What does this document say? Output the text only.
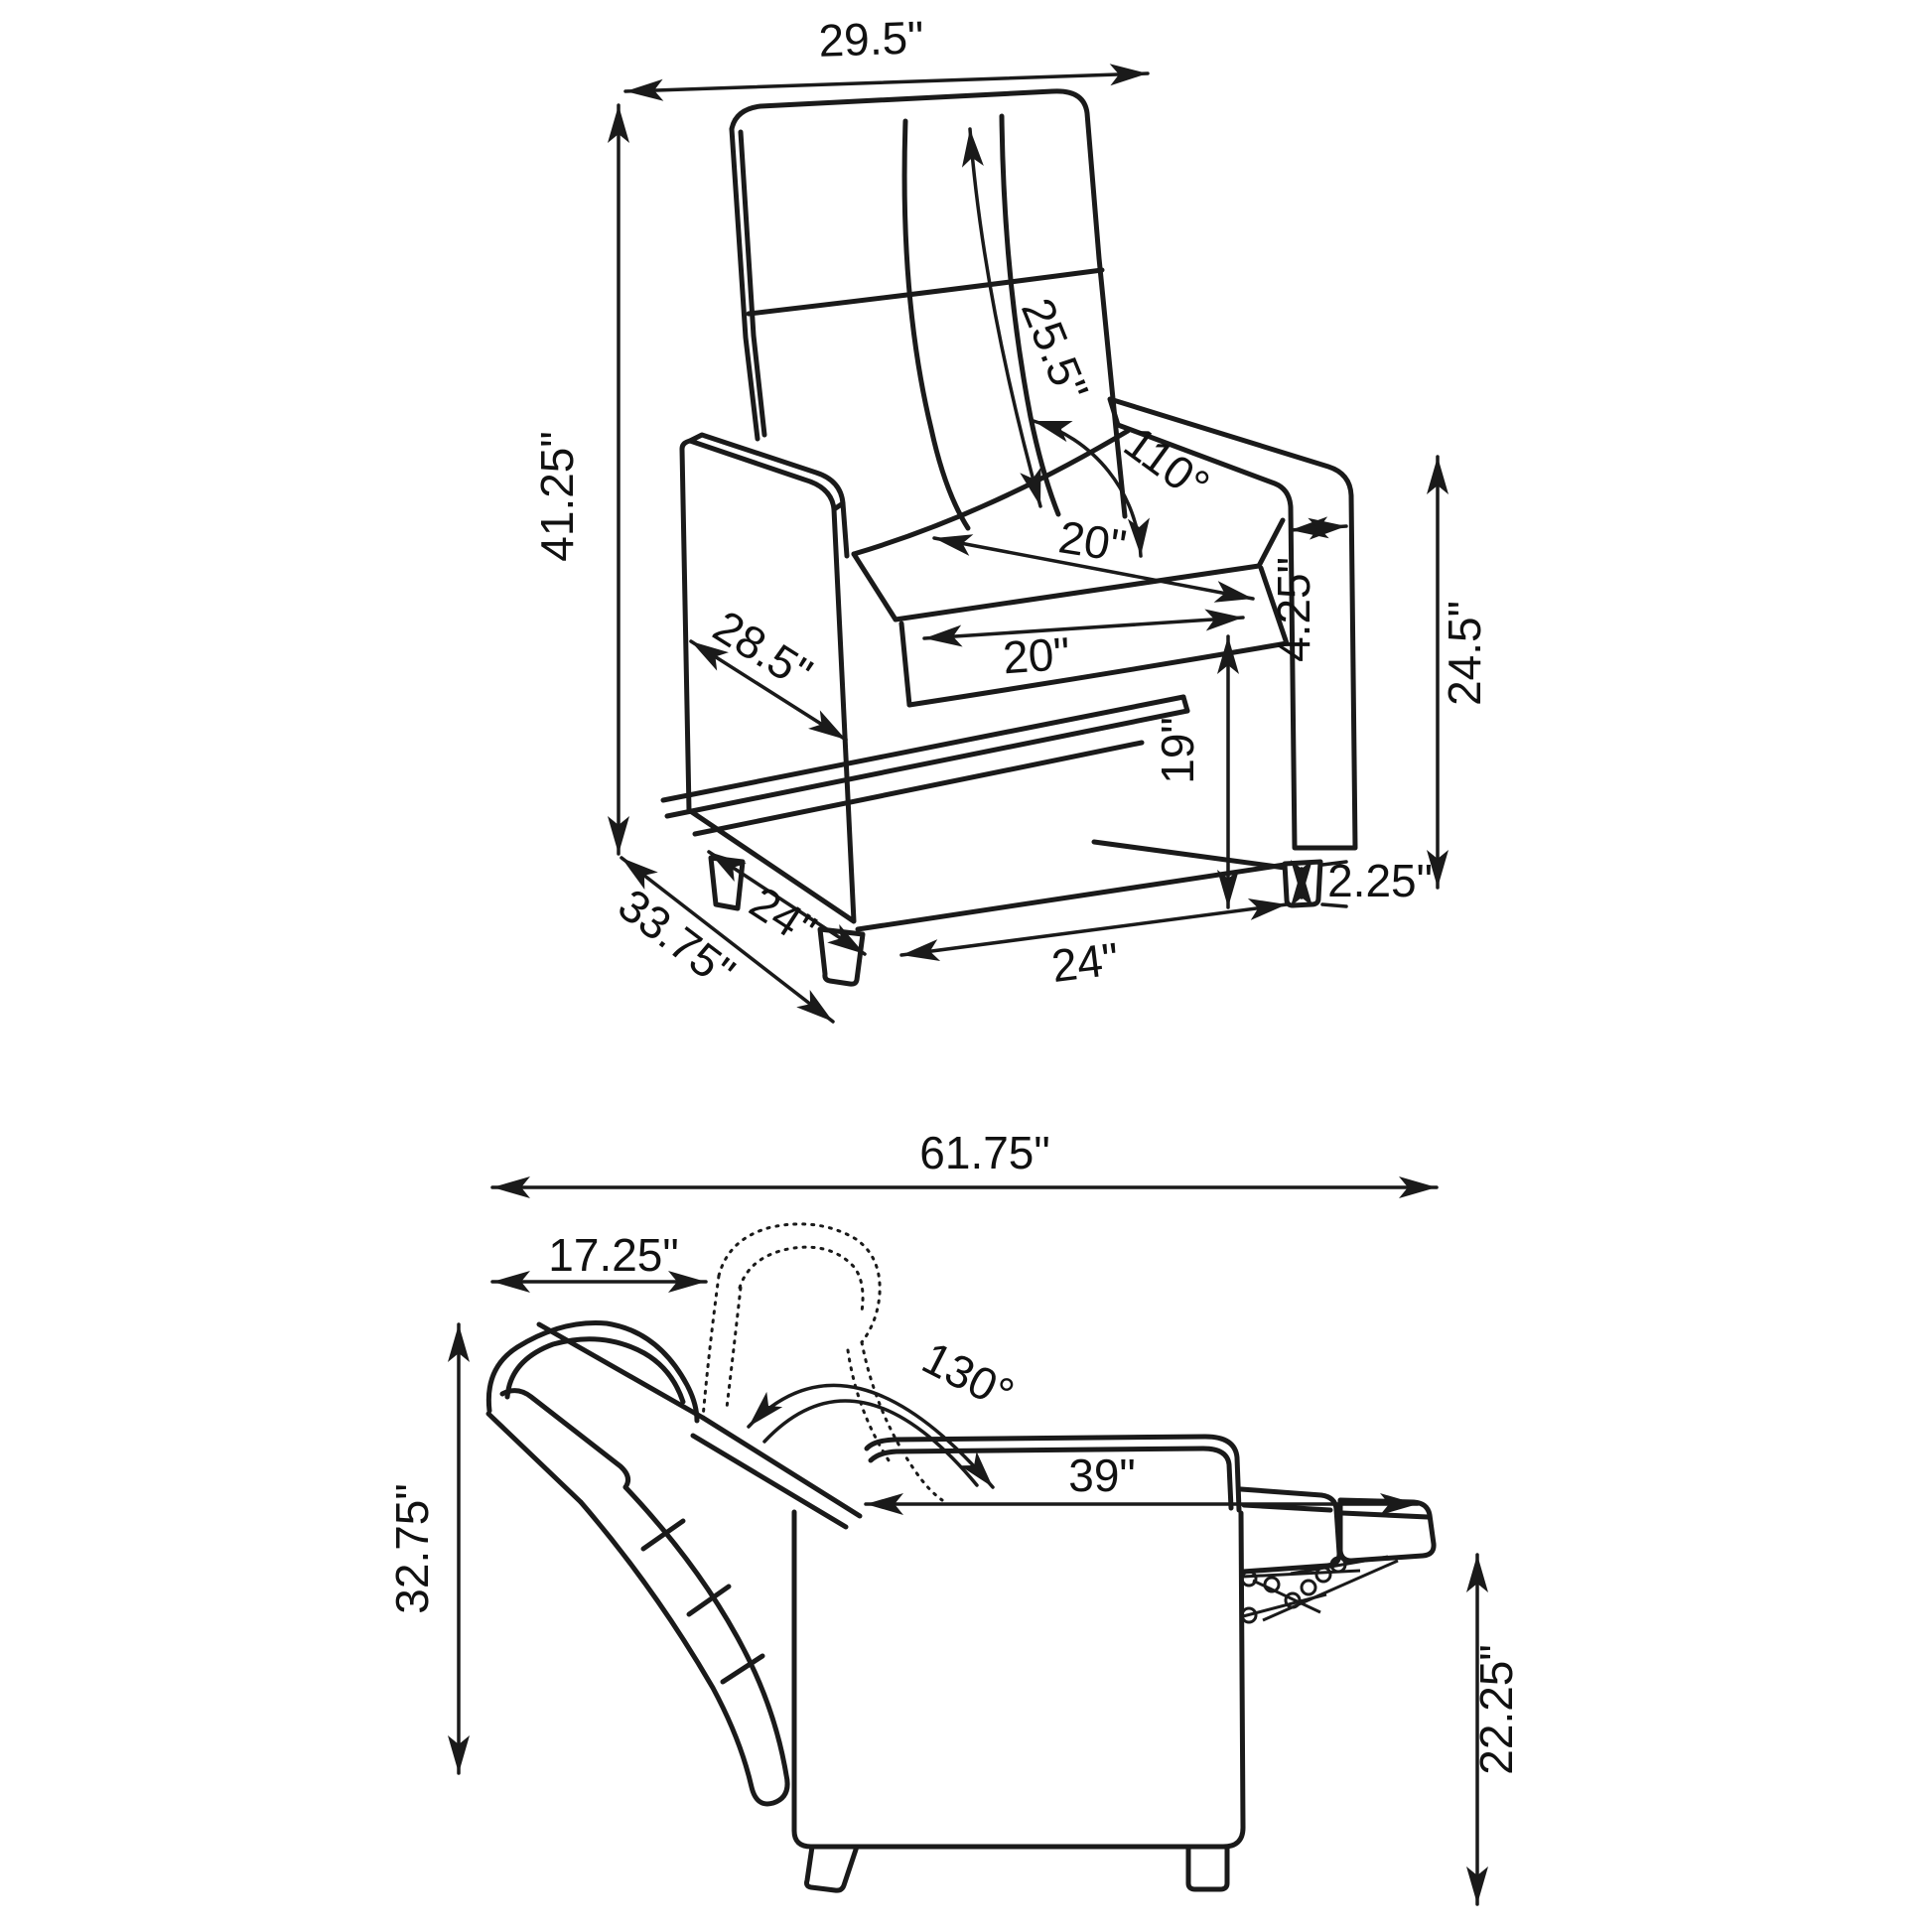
29.5"
41.25"
25.5"
110°
20"
20"
28.5"	4.25"	24.5"
19"
2.25"
24"
24"
33.75"
61.75"
17.25"
130°
39"
32.75"
22.25"
